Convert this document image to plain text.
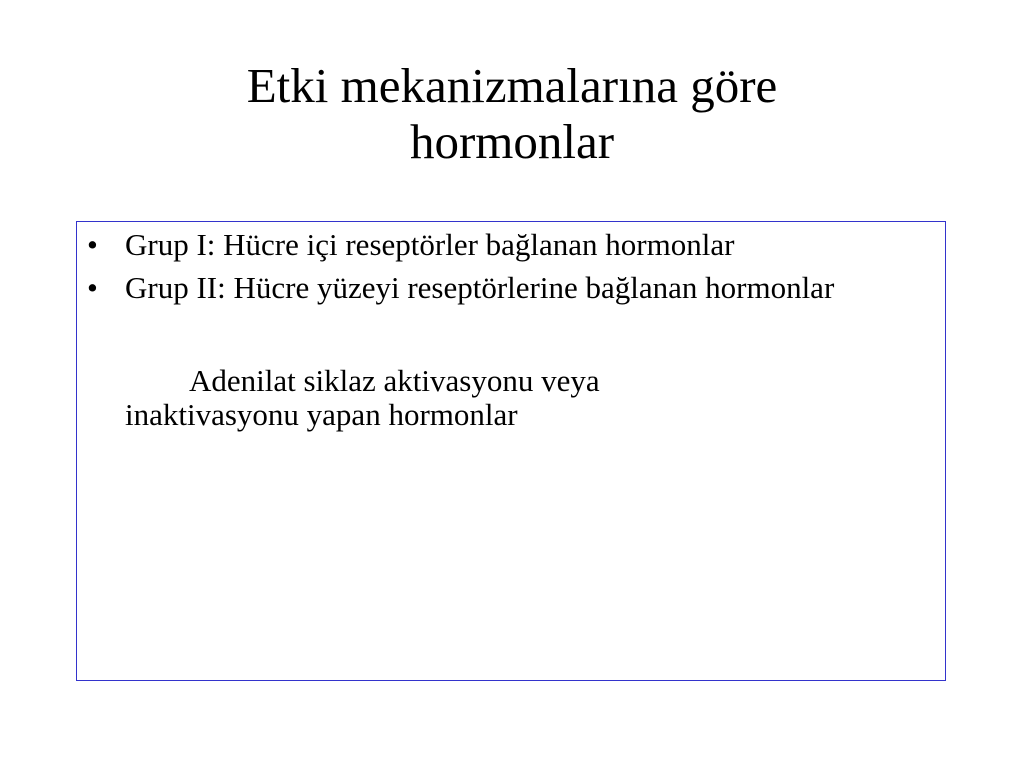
Etki mekanizmalarına göre
hormonlar
• Grup I: Hücre içi reseptörler bağlanan hormonlar
• Grup II: Hücre yüzeyi reseptörlerine bağlanan hormonlar
Adenilat siklaz aktivasyonu veya
inaktivasyonu yapan hormonlar
